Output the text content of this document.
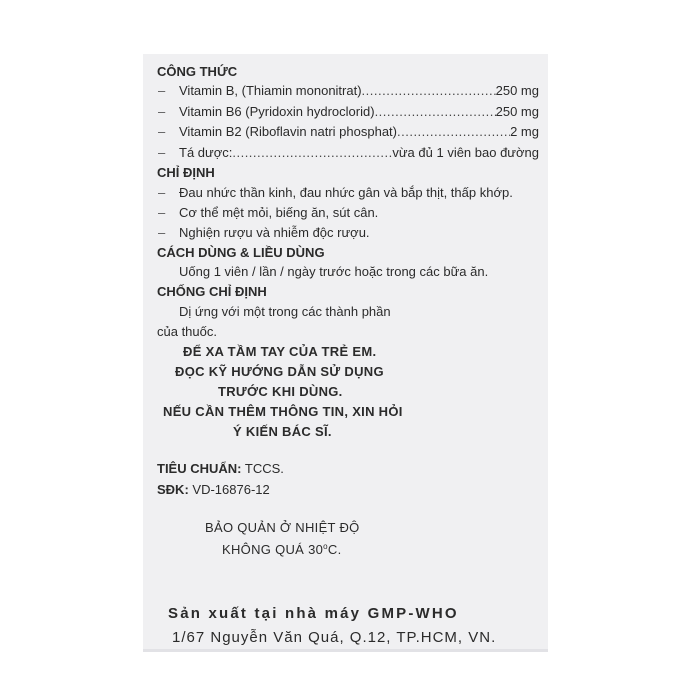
CÔNG THỨC
– Vitamin B, (Thiamin mononitrat) .....	250 mg
– Vitamin B6 (Pyridoxin hydroclorid) .....	250 mg
– Vitamin B2 (Riboflavin natri phosphat) .....	2 mg
– Tá dược: .....	vừa đủ 1 viên bao đường
CHỈ ĐỊNH
– Đau nhức thần kinh, đau nhức gân và bắp thịt, thấp khớp.
– Cơ thể mệt mỏi, biếng ăn, sút cân.
– Nghiện rượu và nhiễm độc rượu.
CÁCH DÙNG & LIỀU DÙNG
Uống 1 viên / lần / ngày trước hoặc trong các bữa ăn.
CHỐNG CHỈ ĐỊNH
Dị ứng với một trong các thành phần
của thuốc.
ĐỂ XA TẦM TAY CỦA TRẺ EM.
ĐỌC KỸ HƯỚNG DẪN SỬ DỤNG
TRƯỚC KHI DÙNG.
NẾU CẦN THÊM THÔNG TIN, XIN HỎI
Ý KIẾN BÁC SĨ.
TIÊU CHUẨN: TCCS.
SĐK: VD-16876-12
BẢO QUẢN Ở NHIỆT ĐỘ
KHÔNG QUÁ 30$^o$C.
Sản xuất tại nhà máy GMP-WHO
1/67 Nguyễn Văn Quá, Q.12, TP.HCM, VN.
